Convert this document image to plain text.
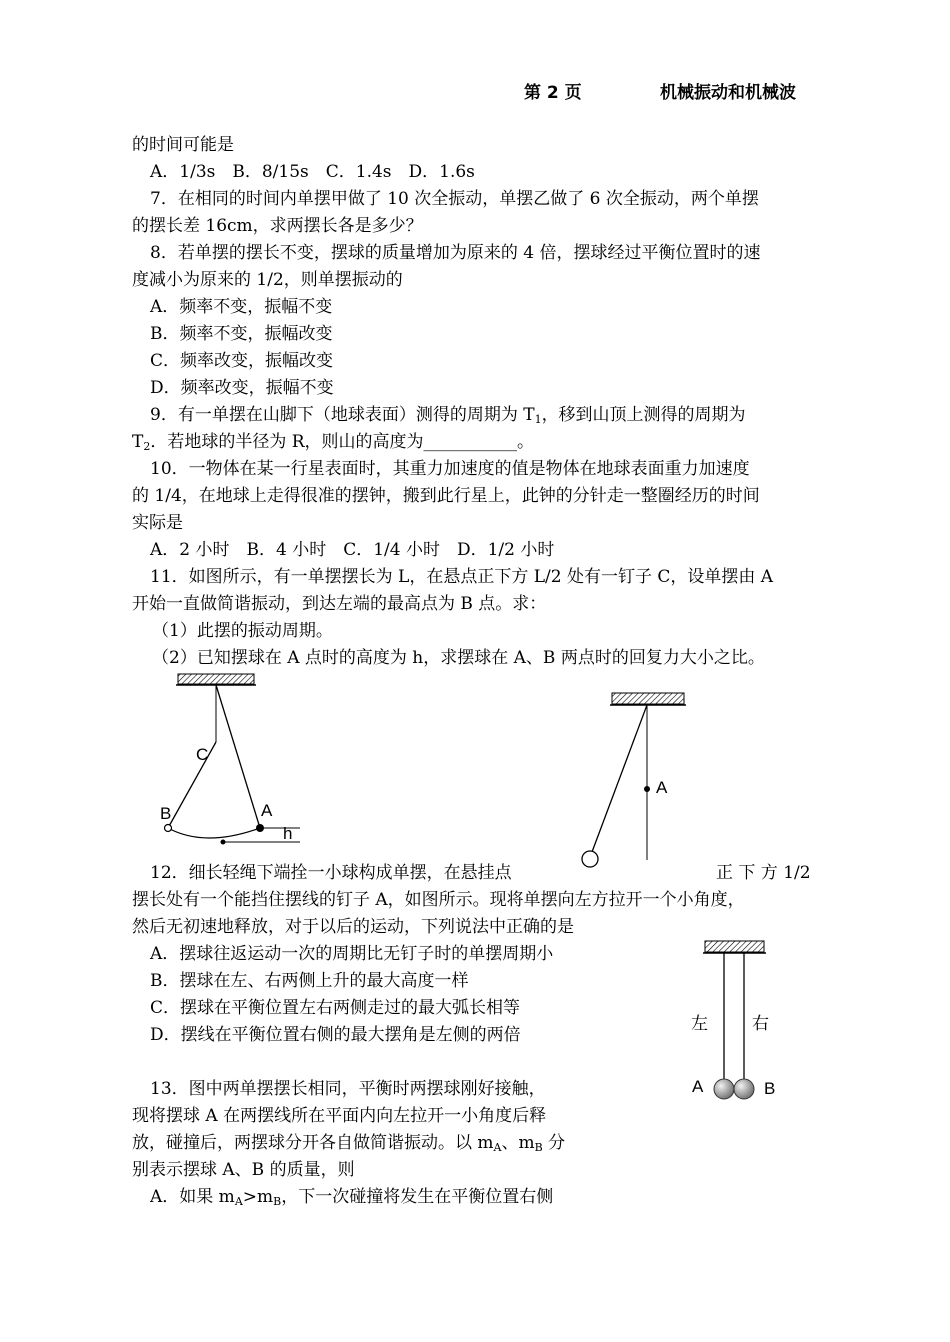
第 2 页	机械振动和机械波
的时间可能是
A．1/3s　B．8/15s　C．1.4s　D．1.6s
7．在相同的时间内单摆甲做了 10 次全振动，单摆乙做了 6 次全振动，两个单摆
的摆长差 16cm，求两摆长各是多少？
8．若单摆的摆长不变，摆球的质量增加为原来的 4 倍，摆球经过平衡位置时的速
度减小为原来的 1/2，则单摆振动的
A．频率不变，振幅不变
B．频率不变，振幅改变
C．频率改变，振幅改变
D．频率改变，振幅不变
9．有一单摆在山脚下（地球表面）测得的周期为 $T_1$，移到山顶上测得的周期为
$T_2$．若地球的半径为 R，则山的高度为___________。
10．一物体在某一行星表面时，其重力加速度的值是物体在地球表面重力加速度
的 1/4，在地球上走得很准的摆钟，搬到此行星上，此钟的分针走一整圈经历的时间
实际是
A．2 小时　B．4 小时　C．1/4 小时　D．1/2 小时
11．如图所示，有一单摆摆长为 L，在悬点正下方 L/2 处有一钉子 C，设单摆由 A
开始一直做简谐振动，到达左端的最高点为 B 点。求：
（1）此摆的振动周期。
（2）已知摆球在 A 点时的高度为 h，求摆球在 A、B 两点时的回复力大小之比。
C
B	A
h
A
12．细长轻绳下端拴一小球构成单摆，在悬挂点	正 下 方 1/2
摆长处有一个能挡住摆线的钉子 A，如图所示。现将单摆向左方拉开一个小角度，
然后无初速地释放，对于以后的运动，下列说法中正确的是
A．摆球往返运动一次的周期比无钉子时的单摆周期小
B．摆球在左、右两侧上升的最大高度一样
C．摆球在平衡位置左右两侧走过的最大弧长相等
D．摆线在平衡位置右侧的最大摆角是左侧的两倍
左	右
A	B
13．图中两单摆摆长相同，平衡时两摆球刚好接触，
现将摆球 A 在两摆线所在平面内向左拉开一小角度后释
放，碰撞后，两摆球分开各自做简谐振动。以 $m_A$、$m_B$ 分
别表示摆球 A、B 的质量，则
A．如果 $m_A>m_B$，下一次碰撞将发生在平衡位置右侧
